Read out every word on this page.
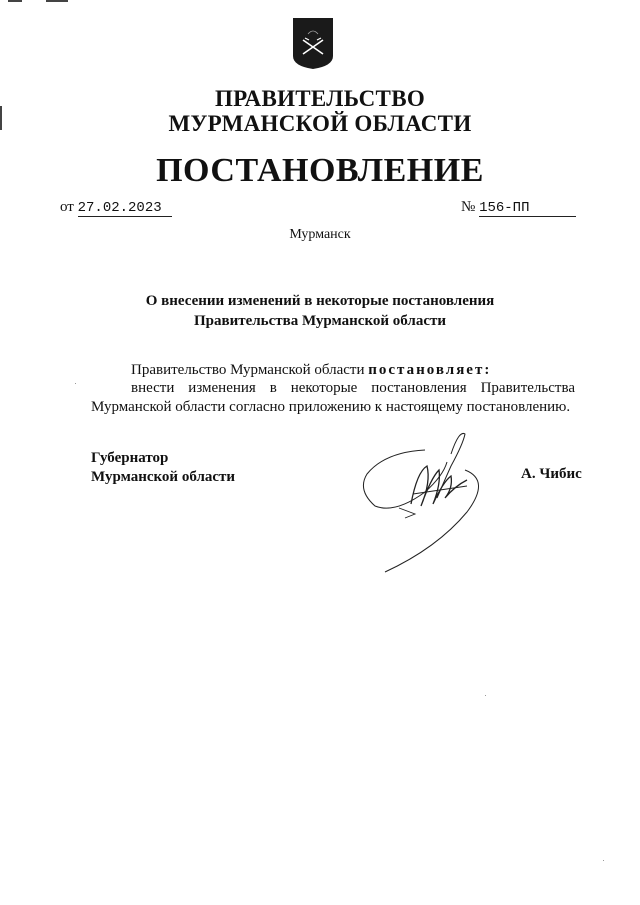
ПРАВИТЕЛЬСТВО
МУРМАНСКОЙ ОБЛАСТИ
ПОСТАНОВЛЕНИЕ
от 27.02.2023	№ 156-ПП
Мурманск
О внесении изменений в некоторые постановления
Правительства Мурманской области
Правительство Мурманской области постановляет:
внести изменения в некоторые постановления Правительства Мурманской области согласно приложению к настоящему постановлению.
Губернатор
Мурманской области	А. Чибис
